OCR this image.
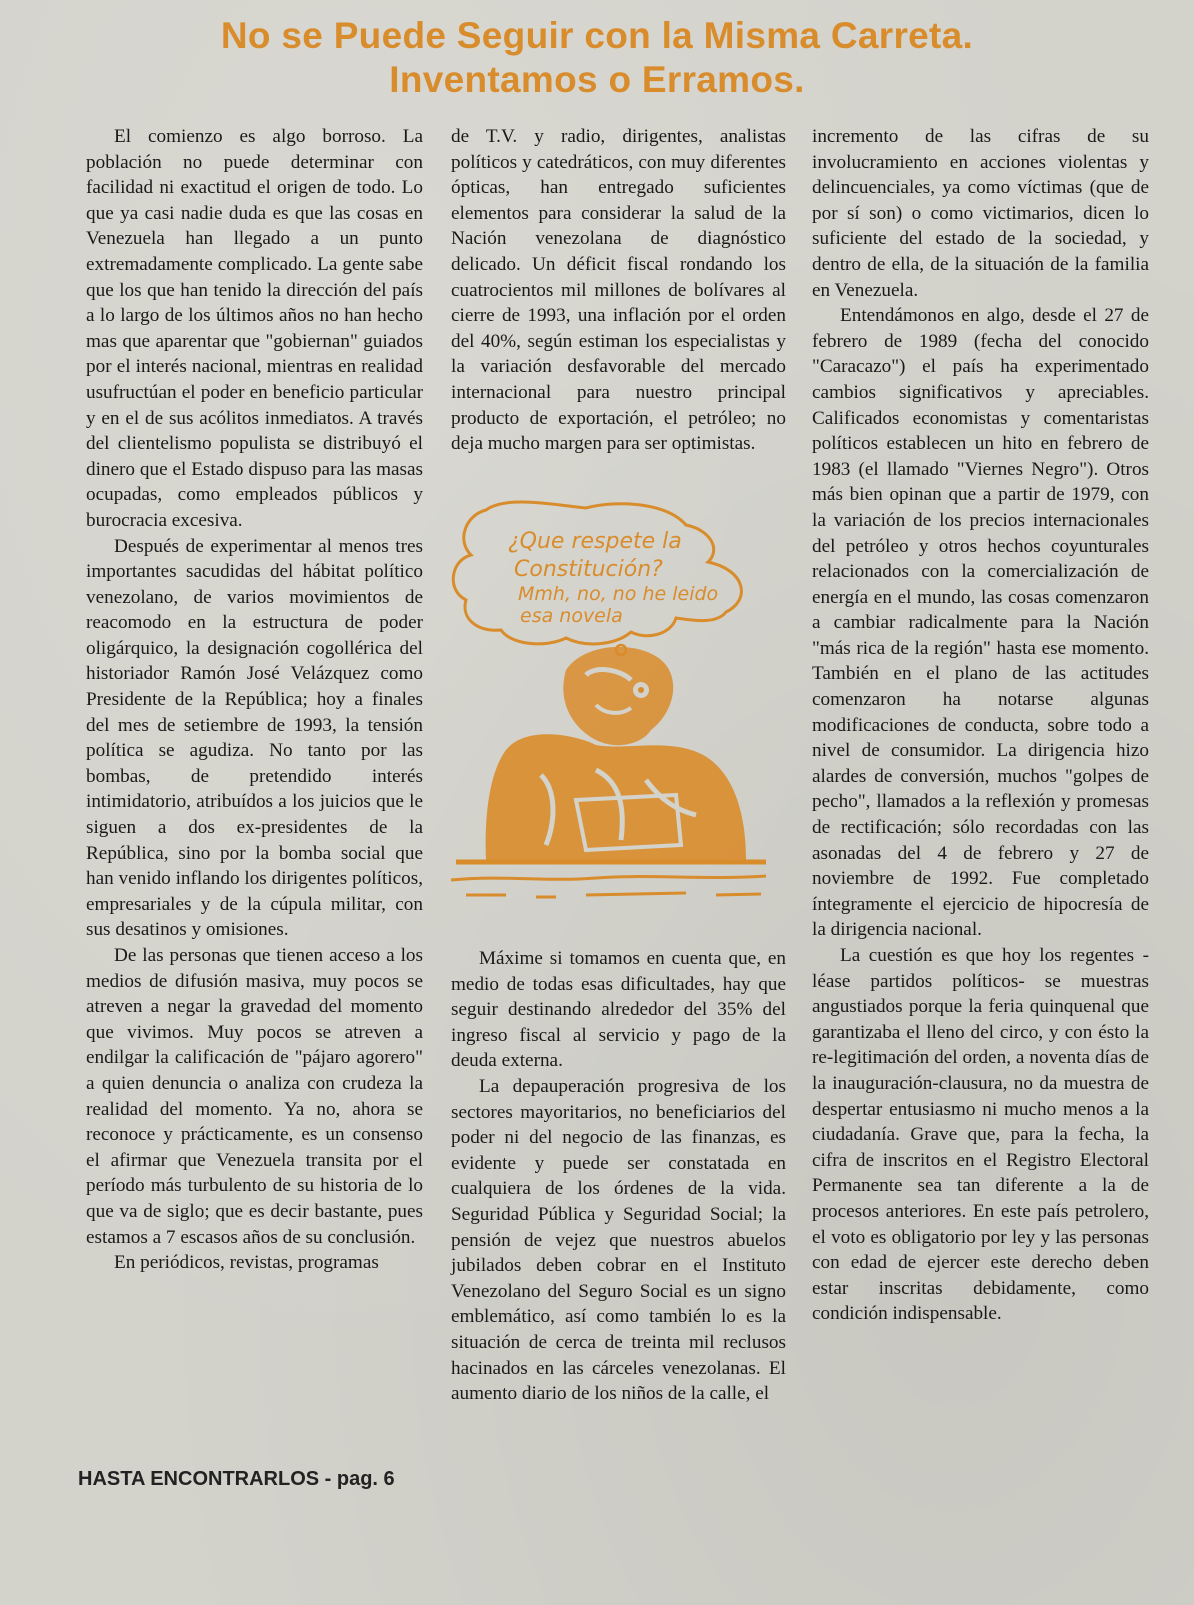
No se Puede Seguir con la Misma Carreta.
Inventamos o Erramos.

El comienzo es algo borroso. La población no puede determinar con facilidad ni exactitud el origen de todo. Lo que ya casi nadie duda es que las cosas en Venezuela han llegado a un punto extremadamente complicado. La gente sabe que los que han tenido la dirección del país a lo largo de los últimos años no han hecho mas que aparentar que "gobiernan" guiados por el interés nacional, mientras en realidad usufructúan el poder en beneficio particular y en el de sus acólitos inmediatos. A través del clientelismo populista se distribuyó el dinero que el Estado dispuso para las masas ocupadas, como empleados públicos y burocracia excesiva.

Después de experimentar al menos tres importantes sacudidas del hábitat político venezolano, de varios movimientos de reacomodo en la estructura de poder oligárquico, la designación cogollérica del historiador Ramón José Velázquez como Presidente de la República; hoy a finales del mes de setiembre de 1993, la tensión política se agudiza. No tanto por las bombas, de pretendido interés intimidatorio, atribuídos a los juicios que le siguen a dos ex-presidentes de la República, sino por la bomba social que han venido inflando los dirigentes políticos, empresariales y de la cúpula militar, con sus desatinos y omisiones.

De las personas que tienen acceso a los medios de difusión masiva, muy pocos se atreven a negar la gravedad del momento que vivimos. Muy pocos se atreven a endilgar la calificación de "pájaro agorero" a quien denuncia o analiza con crudeza la realidad del momento. Ya no, ahora se reconoce y prácticamente, es un consenso el afirmar que Venezuela transita por el período más turbulento de su historia de lo que va de siglo; que es decir bastante, pues estamos a 7 escasos años de su conclusión.

En periódicos, revistas, programas

de T.V. y radio, dirigentes, analistas políticos y catedráticos, con muy diferentes ópticas, han entregado suficientes elementos para considerar la salud de la Nación venezolana de diagnóstico delicado. Un déficit fiscal rondando los cuatrocientos mil millones de bolívares al cierre de 1993, una inflación por el orden del 40%, según estiman los especialistas y la variación desfavorable del mercado internacional para nuestro principal producto de exportación, el petróleo; no deja mucho margen para ser optimistas.

¿Que respete la
Constitución?
Mmh, no, no he leido
esa novela

Máxime si tomamos en cuenta que, en medio de todas esas dificultades, hay que seguir destinando alrededor del 35% del ingreso fiscal al servicio y pago de la deuda externa.

La depauperación progresiva de los sectores mayoritarios, no beneficiarios del poder ni del negocio de las finanzas, es evidente y puede ser constatada en cualquiera de los órdenes de la vida. Seguridad Pública y Seguridad Social; la pensión de vejez que nuestros abuelos jubilados deben cobrar en el Instituto Venezolano del Seguro Social es un signo emblemático, así como también lo es la situación de cerca de treinta mil reclusos hacinados en las cárceles venezolanas. El aumento diario de los niños de la calle, el

incremento de las cifras de su involucramiento en acciones violentas y delincuenciales, ya como víctimas (que de por sí son) o como victimarios, dicen lo suficiente del estado de la sociedad, y dentro de ella, de la situación de la familia en Venezuela.

Entendámonos en algo, desde el 27 de febrero de 1989 (fecha del conocido "Caracazo") el país ha experimentado cambios significativos y apreciables. Calificados economistas y comentaristas políticos establecen un hito en febrero de 1983 (el llamado "Viernes Negro"). Otros más bien opinan que a partir de 1979, con la variación de los precios internacionales del petróleo y otros hechos coyunturales relacionados con la comercialización de energía en el mundo, las cosas comenzaron a cambiar radicalmente para la Nación "más rica de la región" hasta ese momento. También en el plano de las actitudes comenzaron ha notarse algunas modificaciones de conducta, sobre todo a nivel de consumidor. La dirigencia hizo alardes de conversión, muchos "golpes de pecho", llamados a la reflexión y promesas de rectificación; sólo recordadas con las asonadas del 4 de febrero y 27 de noviembre de 1992. Fue completado íntegramente el ejercicio de hipocresía de la dirigencia nacional.

La cuestión es que hoy los regentes -léase partidos políticos- se muestras angustiados porque la feria quinquenal que garantizaba el lleno del circo, y con ésto la re-legitimación del orden, a noventa días de la inauguración-clausura, no da muestra de despertar entusiasmo ni mucho menos a la ciudadanía. Grave que, para la fecha, la cifra de inscritos en el Registro Electoral Permanente sea tan diferente a la de procesos anteriores. En este país petrolero, el voto es obligatorio por ley y las personas con edad de ejercer este derecho deben estar inscritas debidamente, como condición indispensable.

HASTA ENCONTRARLOS - pag. 6
